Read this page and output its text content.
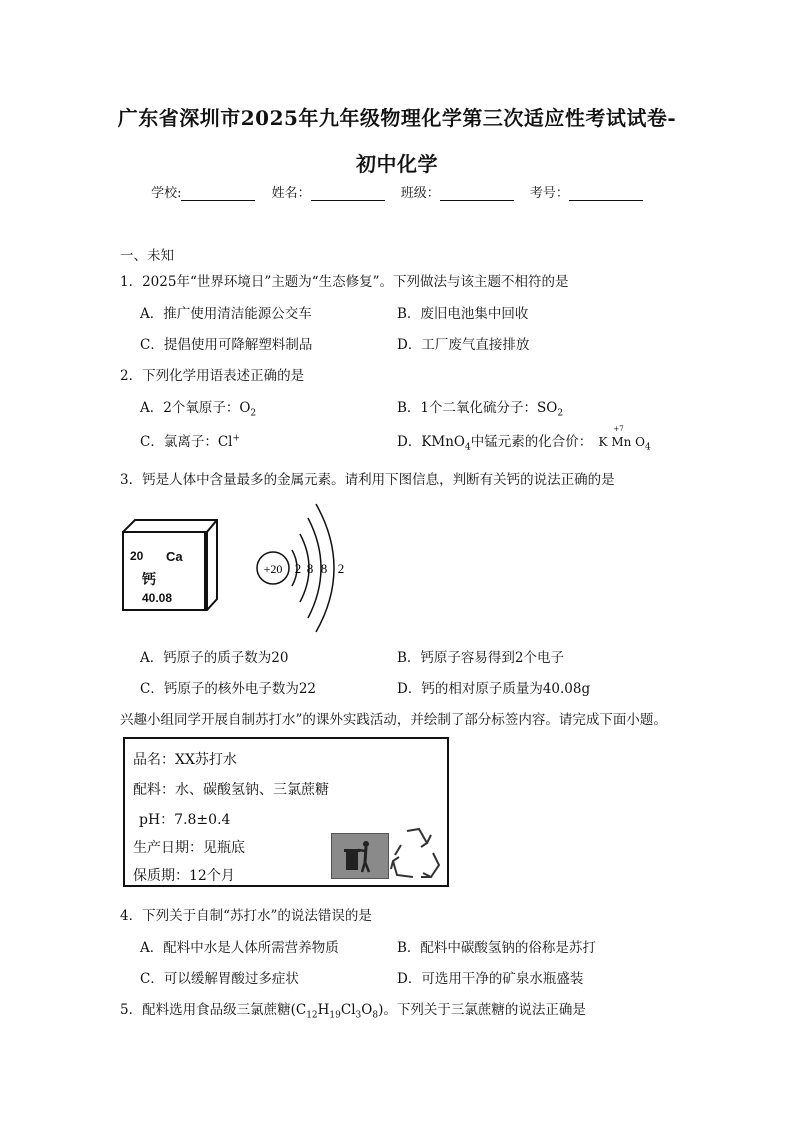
广东省深圳市2025年九年级物理化学第三次适应性考试试卷-
初中化学
学校:	姓名：	班级：	考号：
一、未知
1．2025年“世界环境日”主题为“生态修复”。下列做法与该主题不相符的是
A．推广使用清洁能源公交车	B．废旧电池集中回收
C．提倡使用可降解塑料制品	D．工厂废气直接排放
2．下列化学用语表述正确的是
A．2个氧原子：$O_2$	B．1个二氧化硫分子：$SO_2$
C．氯离子：Cl+	D．KMnO$_4$中锰元素的化合价： K
+7
Mn $O_4$
3．钙是人体中含量最多的金属元素。请利用下图信息，判断有关钙的说法正确的是
20 Ca
钙
40.08
+20 2 8 8 2
A．钙原子的质子数为20	B．钙原子容易得到2个电子
C．钙原子的核外电子数为22	D．钙的相对原子质量为40.08g
兴趣小组同学开展自制苏打水”的课外实践活动，并绘制了部分标签内容。请完成下面小题。
品名：XX苏打水
配料：水、碳酸氢钠、三氯蔗糖
pH：7.8±0.4
生产日期：见瓶底
保质期：12个月
4．下列关于自制“苏打水”的说法错误的是
A．配料中水是人体所需营养物质	B．配料中碳酸氢钠的俗称是苏打
C．可以缓解胃酸过多症状	D．可选用干净的矿泉水瓶盛装
5．配料选用食品级三氯蔗糖$(C_{12}H_{19}Cl_3O_8)$。下列关于三氯蔗糖的说法正确是
